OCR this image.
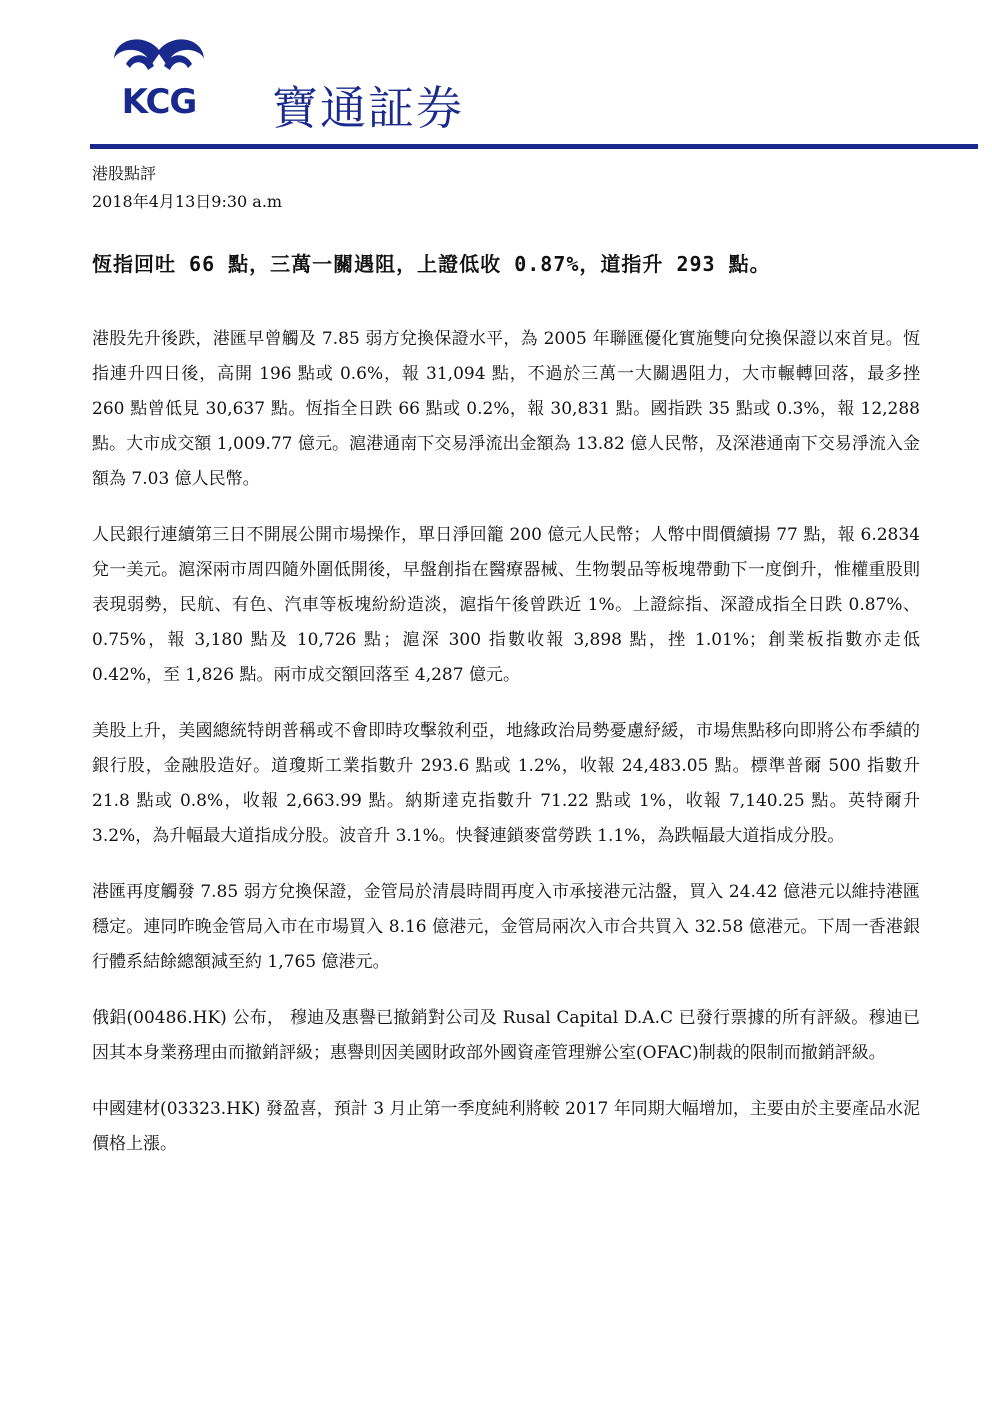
KCG	寶通証券
港股點評
2018年4月13日9:30 a.m
恆指回吐 66 點，三萬一關遇阻，上證低收 0.87%，道指升 293 點。

港股先升後跌，港匯早曾觸及 7.85 弱方兌換保證水平，為 2005 年聯匯優化實施雙向兌換保證以來首見。恆指連升四日後，高開 196 點或 0.6%，報 31,094 點，不過於三萬一大關遇阻力，大市輾轉回落，最多挫 260 點曾低見 30,637 點。恆指全日跌 66 點或 0.2%，報 30,831 點。國指跌 35 點或 0.3%，報 12,288 點。大市成交額 1,009.77 億元。滬港通南下交易淨流出金額為 13.82 億人民幣，及深港通南下交易淨流入金額為 7.03 億人民幣。

人民銀行連續第三日不開展公開市場操作，單日淨回籠 200 億元人民幣；人幣中間價續揚 77 點，報 6.2834 兌一美元。滬深兩市周四隨外圍低開後，早盤創指在醫療器械、生物製品等板塊帶動下一度倒升，惟權重股則表現弱勢，民航、有色、汽車等板塊紛紛造淡，滬指午後曾跌近 1%。上證綜指、深證成指全日跌 0.87%、0.75%，報 3,180 點及 10,726 點；滬深 300 指數收報 3,898 點，挫 1.01%；創業板指數亦走低 0.42%，至 1,826 點。兩市成交額回落至 4,287 億元。

美股上升，美國總統特朗普稱或不會即時攻擊敘利亞，地緣政治局勢憂慮紓緩，市場焦點移向即將公布季績的銀行股，金融股造好。道瓊斯工業指數升 293.6 點或 1.2%，收報 24,483.05 點。標準普爾 500 指數升 21.8 點或 0.8%，收報 2,663.99 點。納斯達克指數升 71.22 點或 1%，收報 7,140.25 點。英特爾升 3.2%，為升幅最大道指成分股。波音升 3.1%。快餐連鎖麥當勞跌 1.1%，為跌幅最大道指成分股。

港匯再度觸發 7.85 弱方兌換保證，金管局於清晨時間再度入市承接港元沽盤，買入 24.42 億港元以維持港匯穩定。連同昨晚金管局入市在市場買入 8.16 億港元，金管局兩次入市合共買入 32.58 億港元。下周一香港銀行體系結餘總額減至約 1,765 億港元。

俄鋁(00486.HK) 公布， 穆迪及惠譽已撤銷對公司及 Rusal Capital D.A.C 已發行票據的所有評級。穆迪已因其本身業務理由而撤銷評級；惠譽則因美國財政部外國資產管理辦公室(OFAC)制裁的限制而撤銷評級。

中國建材(03323.HK) 發盈喜，預計 3 月止第一季度純利將較 2017 年同期大幅增加，主要由於主要產品水泥價格上漲。
